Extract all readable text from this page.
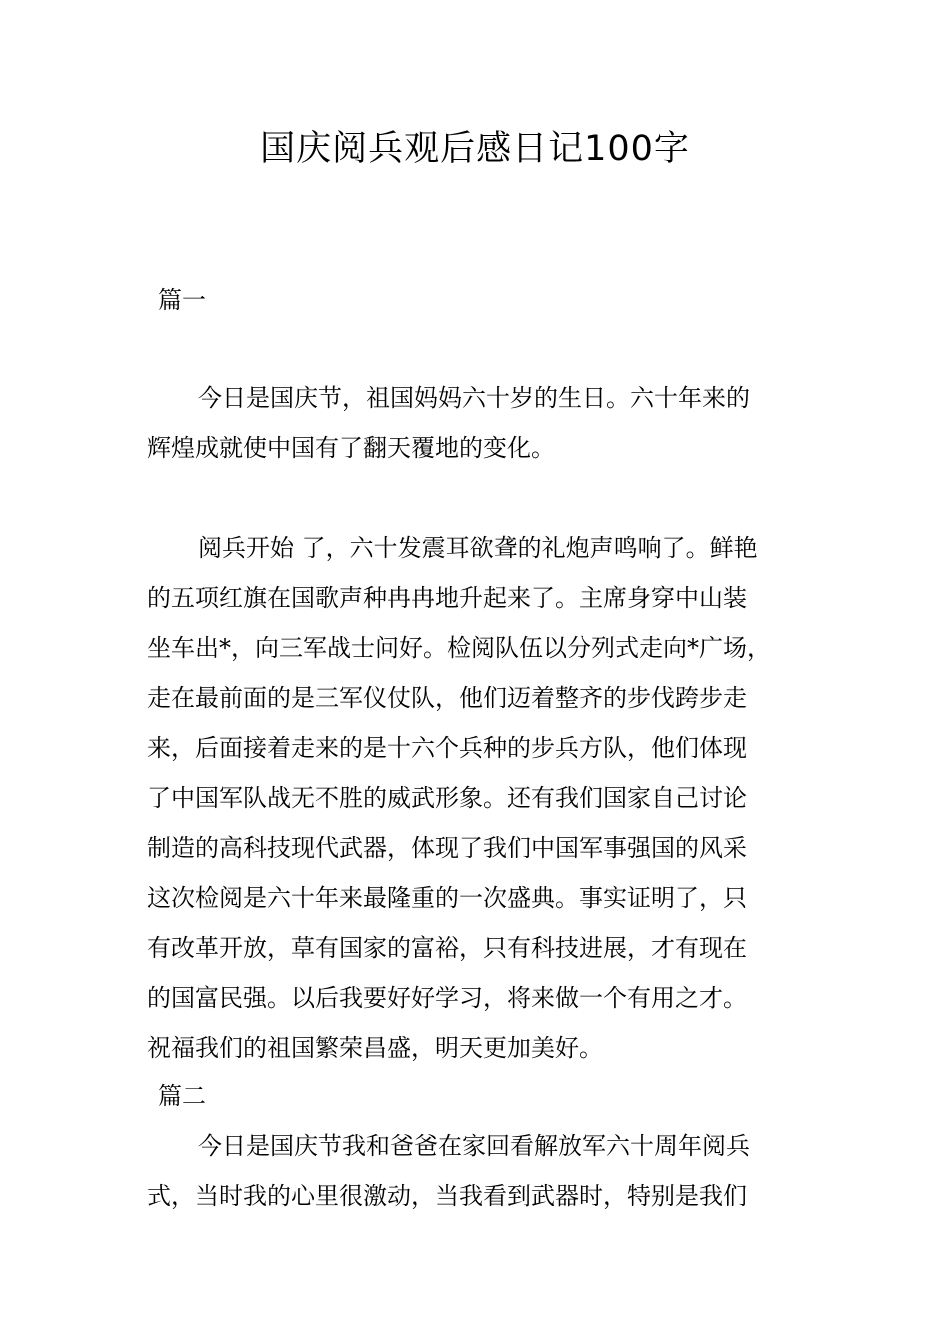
国庆阅兵观后感日记100字
篇一
今日是国庆节，祖国妈妈六十岁的生日。六十年来的
辉煌成就使中国有了翻天覆地的变化。
阅兵开始 了，六十发震耳欲聋的礼炮声鸣响了。鲜艳
的五项红旗在国歌声种冉冉地升起来了。主席身穿中山装
坐车出*，向三军战士问好。检阅队伍以分列式走向*广场，
走在最前面的是三军仪仗队，他们迈着整齐的步伐跨步走
来，后面接着走来的是十六个兵种的步兵方队，他们体现
了中国军队战无不胜的威武形象。还有我们国家自己讨论
制造的高科技现代武器，体现了我们中国军事强国的风采
这次检阅是六十年来最隆重的一次盛典。事实证明了，只
有改革开放，草有国家的富裕，只有科技进展，才有现在
的国富民强。以后我要好好学习，将来做一个有用之才。
祝福我们的祖国繁荣昌盛，明天更加美好。
篇二
今日是国庆节我和爸爸在家回看解放军六十周年阅兵
式，当时我的心里很激动，当我看到武器时，特别是我们
